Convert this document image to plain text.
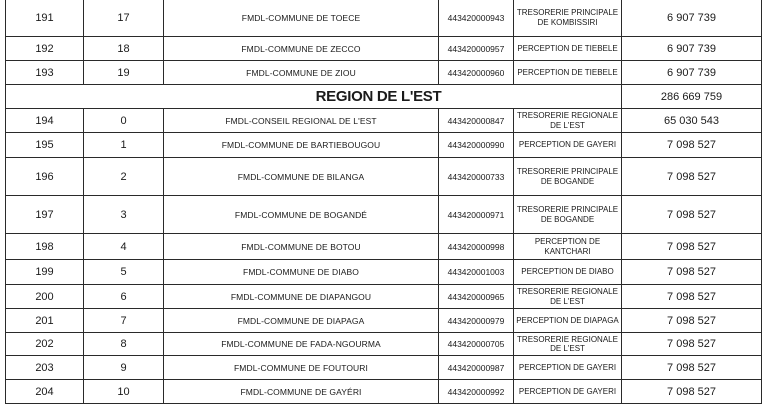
191	17	FMDL-COMMUNE DE TOECE	443420000943	TRESORERIE PRINCIPALE DE KOMBISSIRI	6 907 739
192	18	FMDL-COMMUNE DE ZECCO	443420000957	PERCEPTION DE TIEBELE	6 907 739
193	19	FMDL-COMMUNE DE ZIOU	443420000960	PERCEPTION DE TIEBELE	6 907 739
REGION DE L'EST					286 669 759
194	0	FMDL-CONSEIL REGIONAL DE L'EST	443420000847	TRESORERIE REGIONALE DE L'EST	65 030 543
195	1	FMDL-COMMUNE DE BARTIEBOUGOU	443420000990	PERCEPTION DE GAYERI	7 098 527
196	2	FMDL-COMMUNE DE BILANGA	443420000733	TRESORERIE PRINCIPALE DE BOGANDE	7 098 527
197	3	FMDL-COMMUNE DE BOGANDÉ	443420000971	TRESORERIE PRINCIPALE DE BOGANDE	7 098 527
198	4	FMDL-COMMUNE DE BOTOU	443420000998	PERCEPTION DE KANTCHARI	7 098 527
199	5	FMDL-COMMUNE DE DIABO	443420001003	PERCEPTION DE DIABO	7 098 527
200	6	FMDL-COMMUNE DE DIAPANGOU	443420000965	TRESORERIE REGIONALE DE L'EST	7 098 527
201	7	FMDL-COMMUNE DE DIAPAGA	443420000979	PERCEPTION DE DIAPAGA	7 098 527
202	8	FMDL-COMMUNE DE FADA-NGOURMA	443420000705	TRESORERIE REGIONALE DE L'EST	7 098 527
203	9	FMDL-COMMUNE DE FOUTOURI	443420000987	PERCEPTION DE GAYERI	7 098 527
204	10	FMDL-COMMUNE DE GAYÉRI	443420000992	PERCEPTION DE GAYERI	7 098 527
